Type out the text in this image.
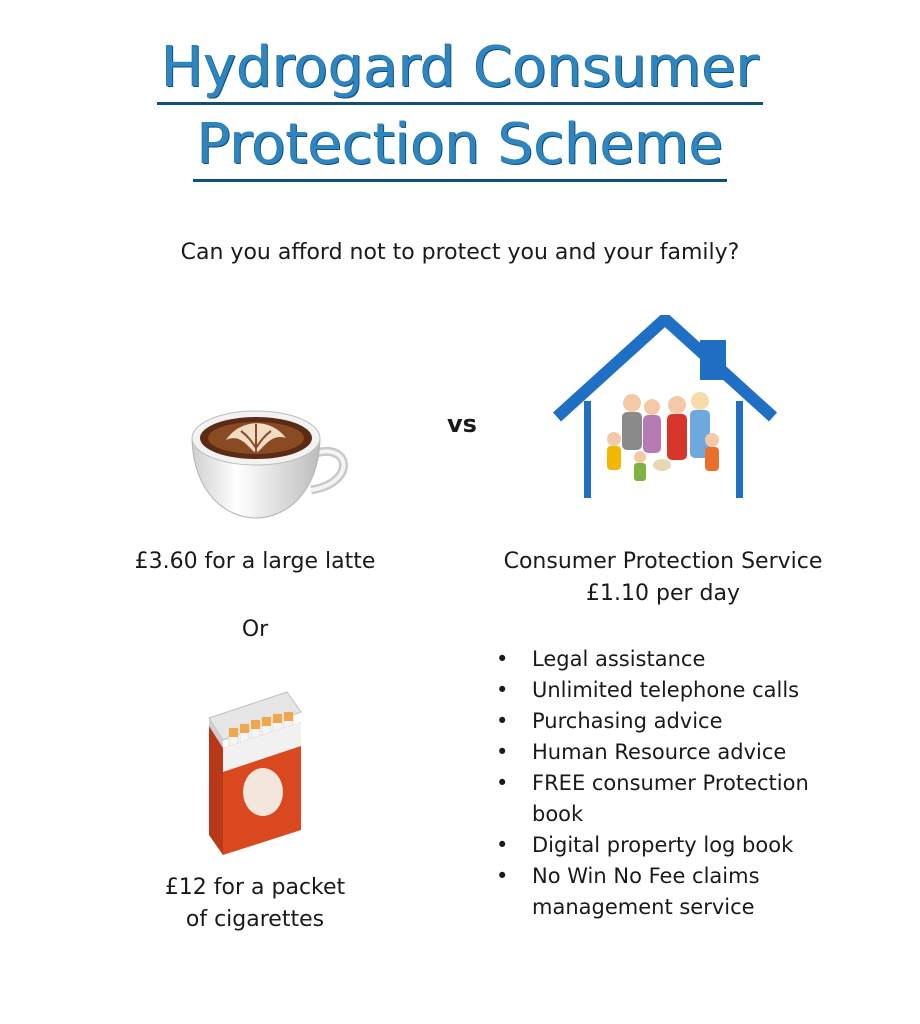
Hydrogard Consumer
Protection Scheme
Can you afford not to protect you and your family?
vs
£3.60 for a large latte
Or
£12 for a packet
of cigarettes
Consumer Protection Service
£1.10 per day
• Legal assistance
• Unlimited telephone calls
• Purchasing advice
• Human Resource advice
• FREE consumer Protection book
• Digital property log book
• No Win No Fee claims management service
